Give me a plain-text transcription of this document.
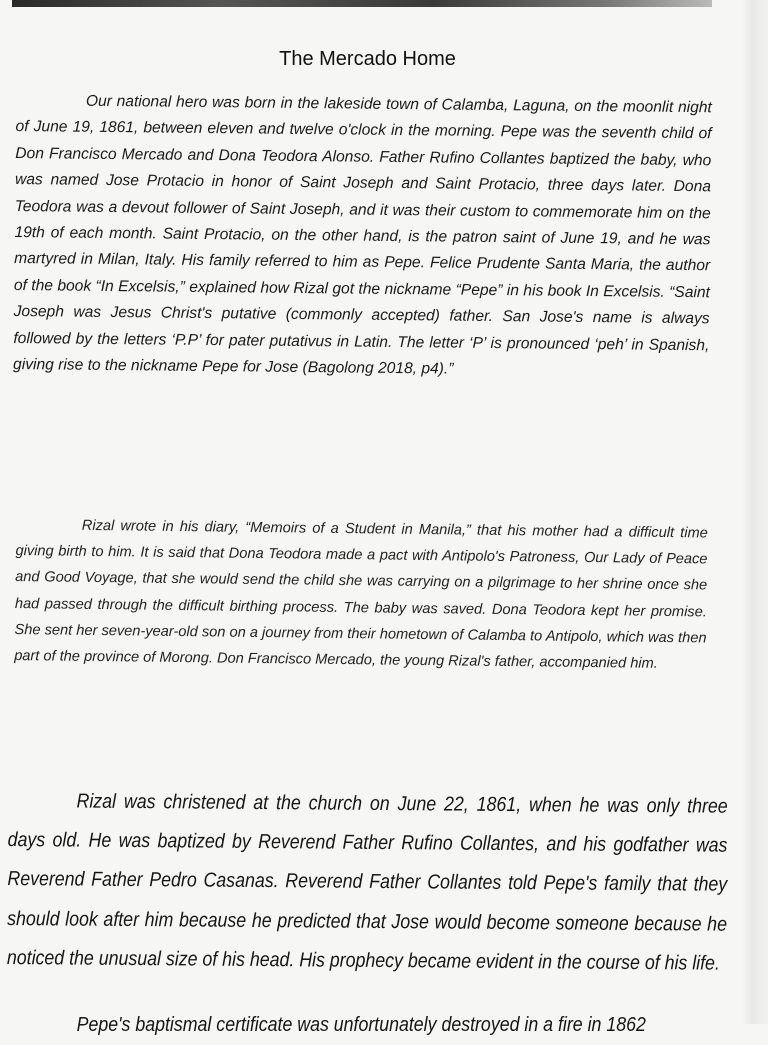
The Mercado Home

Our national hero was born in the lakeside town of Calamba, Laguna, on the moonlit night of June 19, 1861, between eleven and twelve o'clock in the morning. Pepe was the seventh child of Don Francisco Mercado and Dona Teodora Alonso. Father Rufino Collantes baptized the baby, who was named Jose Protacio in honor of Saint Joseph and Saint Protacio, three days later. Dona Teodora was a devout follower of Saint Joseph, and it was their custom to commemorate him on the 19th of each month. Saint Protacio, on the other hand, is the patron saint of June 19, and he was martyred in Milan, Italy. His family referred to him as Pepe. Felice Prudente Santa Maria, the author of the book “In Excelsis,” explained how Rizal got the nickname “Pepe” in his book In Excelsis. “Saint Joseph was Jesus Christ's putative (commonly accepted) father. San Jose's name is always followed by the letters ‘P.P’ for pater putativus in Latin. The letter ‘P’ is pronounced ‘peh’ in Spanish, giving rise to the nickname Pepe for Jose (Bagolong 2018, p4).”

Rizal wrote in his diary, “Memoirs of a Student in Manila,” that his mother had a difficult time giving birth to him. It is said that Dona Teodora made a pact with Antipolo's Patroness, Our Lady of Peace and Good Voyage, that she would send the child she was carrying on a pilgrimage to her shrine once she had passed through the difficult birthing process. The baby was saved. Dona Teodora kept her promise. She sent her seven-year-old son on a journey from their hometown of Calamba to Antipolo, which was then part of the province of Morong. Don Francisco Mercado, the young Rizal's father, accompanied him.

Rizal was christened at the church on June 22, 1861, when he was only three days old. He was baptized by Reverend Father Rufino Collantes, and his godfather was Reverend Father Pedro Casanas. Reverend Father Collantes told Pepe's family that they should look after him because he predicted that Jose would become someone because he noticed the unusual size of his head. His prophecy became evident in the course of his life.

Pepe's baptismal certificate was unfortunately destroyed in a fire in 1862
